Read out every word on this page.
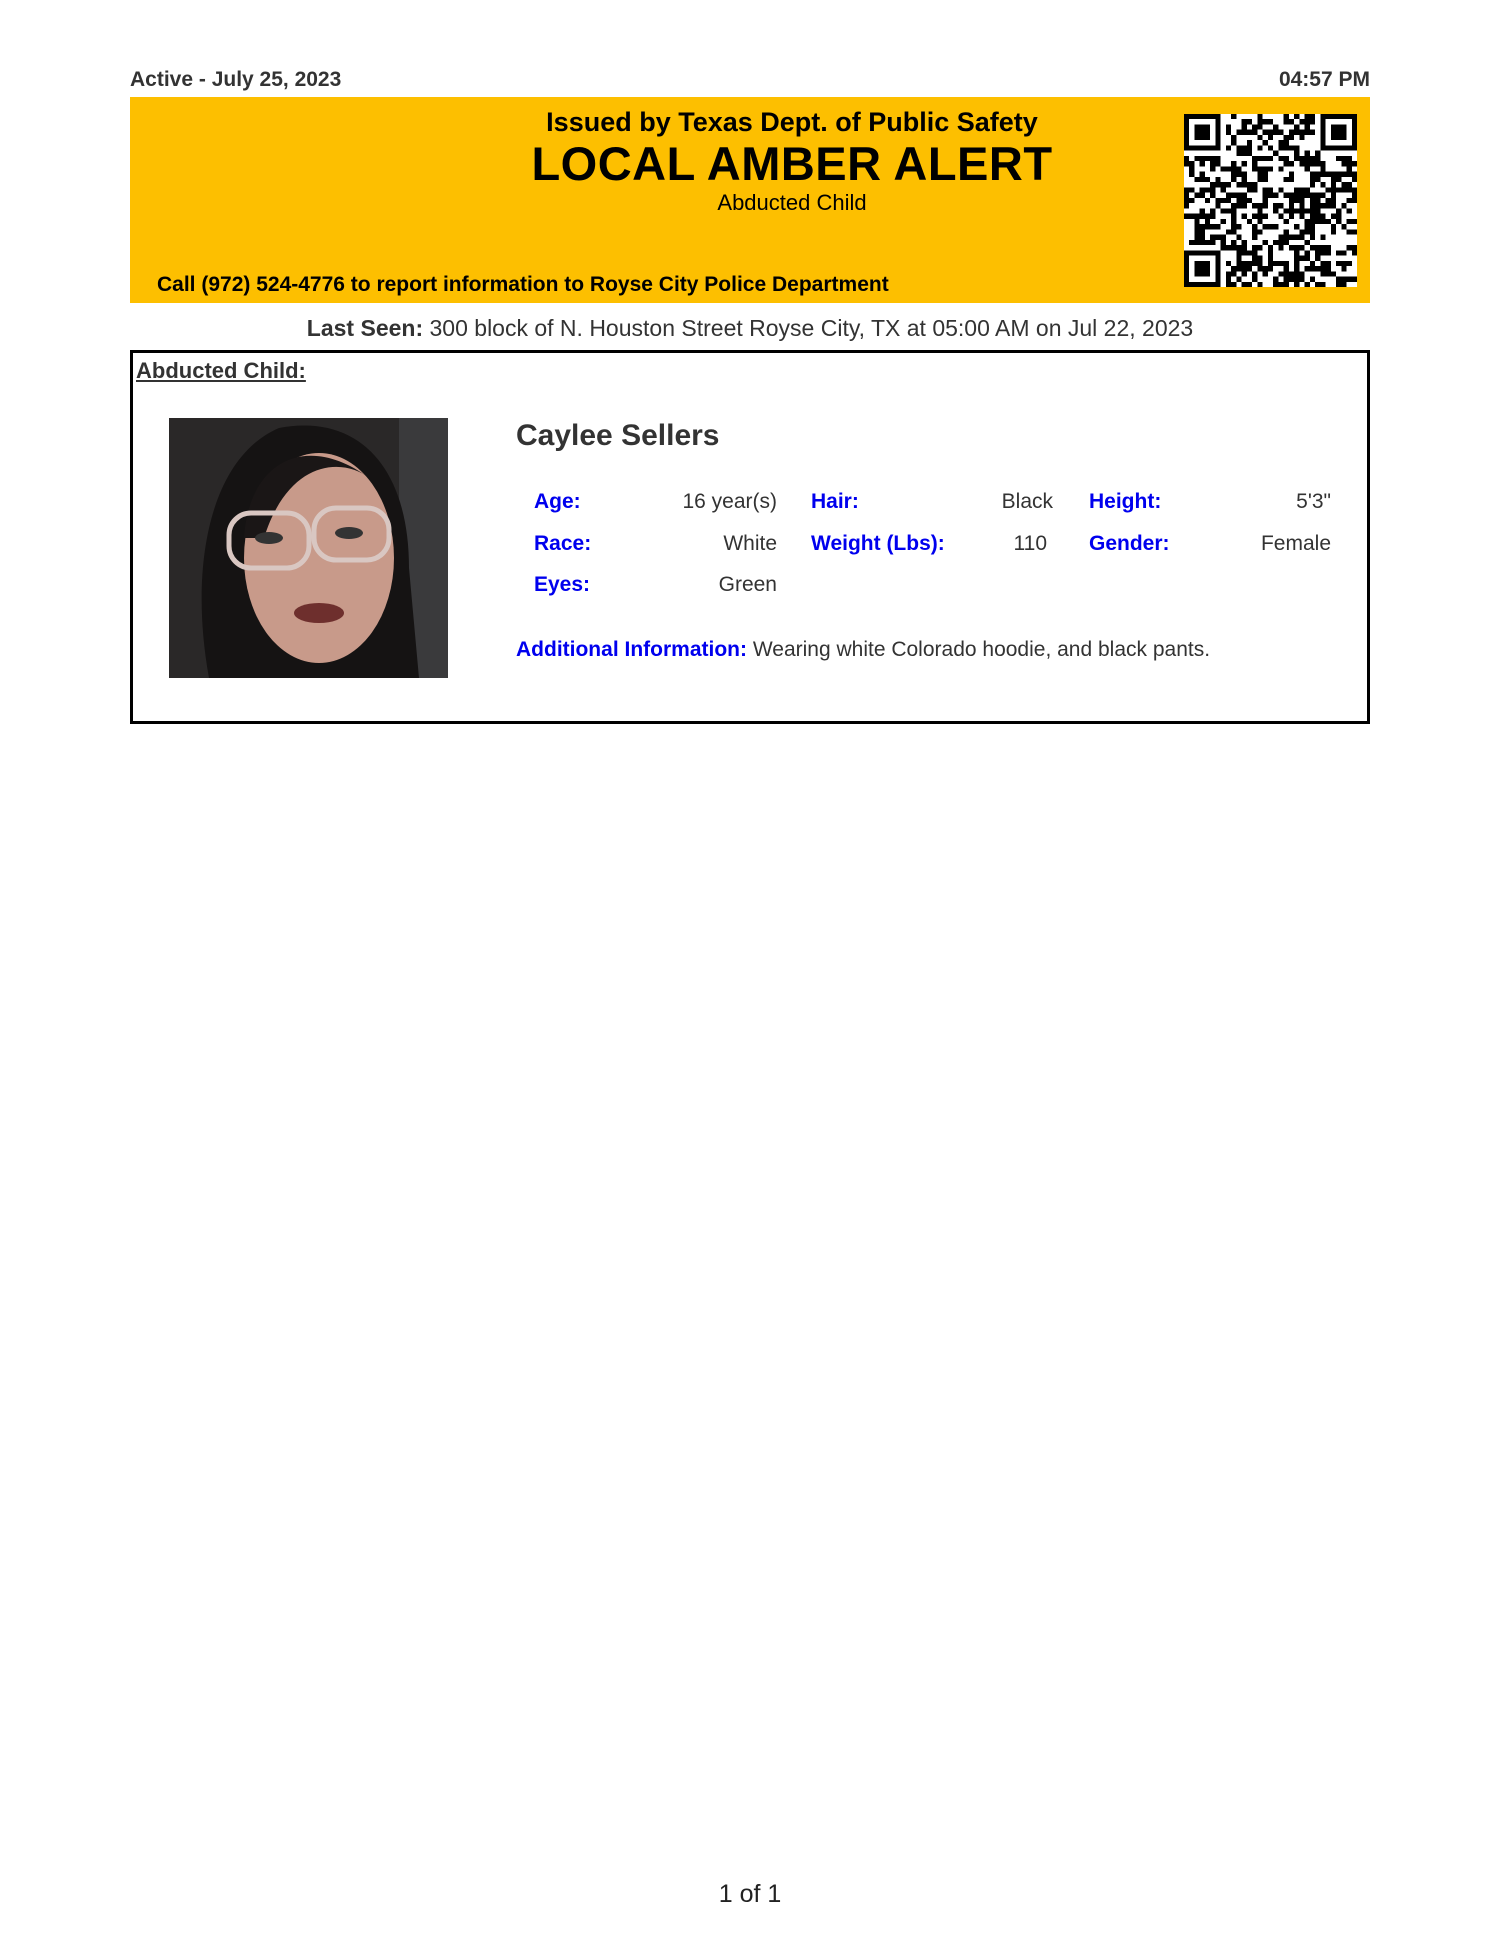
Active - July 25, 2023	04:57 PM
Issued by Texas Dept. of Public Safety
LOCAL AMBER ALERT
Abducted Child
Call (972) 524-4776 to report information to Royse City Police Department
Last Seen: 300 block of N. Houston Street Royse City, TX at 05:00 AM on Jul 22, 2023
Abducted Child:
Caylee Sellers
Age:	16 year(s) Hair:	Black Height:	5'3"
Race:	White Weight (Lbs):	110 Gender:	Female
Eyes:	Green
Additional Information: Wearing white Colorado hoodie, and black pants.
1 of 1
